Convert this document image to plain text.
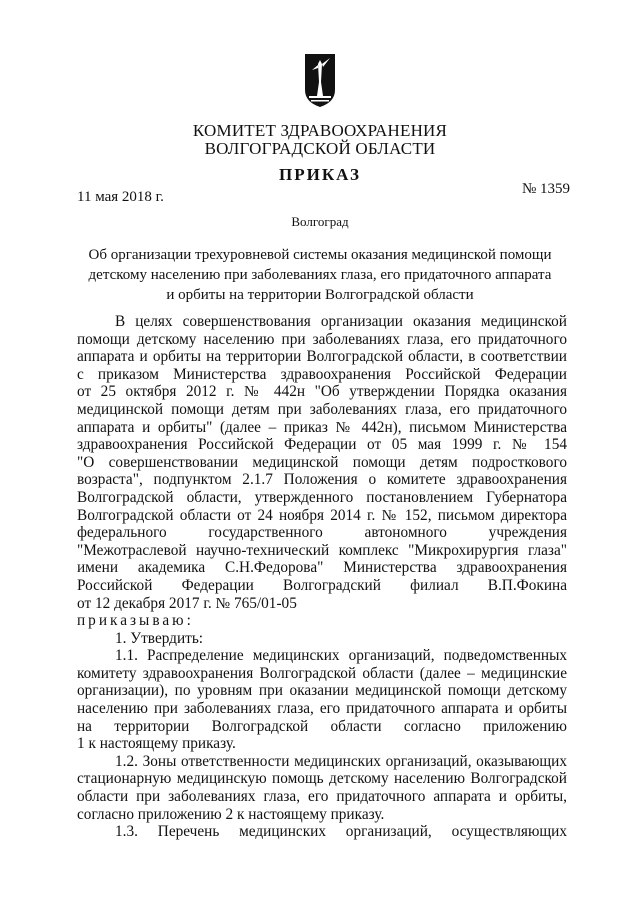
КОМИТЕТ ЗДРАВООХРАНЕНИЯ
ВОЛГОГРАДСКОЙ ОБЛАСТИ
ПРИКАЗ
11 мая 2018 г.	№ 1359
Волгоград
Об организации трехуровневой системы оказания медицинской помощи
детскому населению при заболеваниях глаза, его придаточного аппарата
и орбиты на территории Волгоградской области
В целях совершенствования организации оказания медицинской
помощи детскому населению при заболеваниях глаза, его придаточного
аппарата и орбиты на территории Волгоградской области, в соответствии
с приказом Министерства здравоохранения Российской Федерации
от 25 октября 2012 г. № 442н "Об утверждении Порядка оказания
медицинской помощи детям при заболеваниях глаза, его придаточного
аппарата и орбиты" (далее – приказ № 442н), письмом Министерства
здравоохранения Российской Федерации от 05 мая 1999 г. № 154
"О совершенствовании медицинской помощи детям подросткового
возраста", подпунктом 2.1.7 Положения о комитете здравоохранения
Волгоградской области, утвержденного постановлением Губернатора
Волгоградской области от 24 ноября 2014 г. № 152, письмом директора
федерального государственного автономного учреждения
"Межотраслевой научно-технический комплекс "Микрохирургия глаза"
имени академика С.Н.Федорова" Министерства здравоохранения
Российской Федерации Волгоградский филиал В.П.Фокина
от 12 декабря 2017 г. № 765/01-05
приказываю:
1. Утвердить:
1.1. Распределение медицинских организаций, подведомственных
комитету здравоохранения Волгоградской области (далее – медицинские
организации), по уровням при оказании медицинской помощи детскому
населению при заболеваниях глаза, его придаточного аппарата и орбиты
на территории Волгоградской области согласно приложению
1 к настоящему приказу.
1.2. Зоны ответственности медицинских организаций, оказывающих
стационарную медицинскую помощь детскому населению Волгоградской
области при заболеваниях глаза, его придаточного аппарата и орбиты,
согласно приложению 2 к настоящему приказу.
1.3. Перечень медицинских организаций, осуществляющих
